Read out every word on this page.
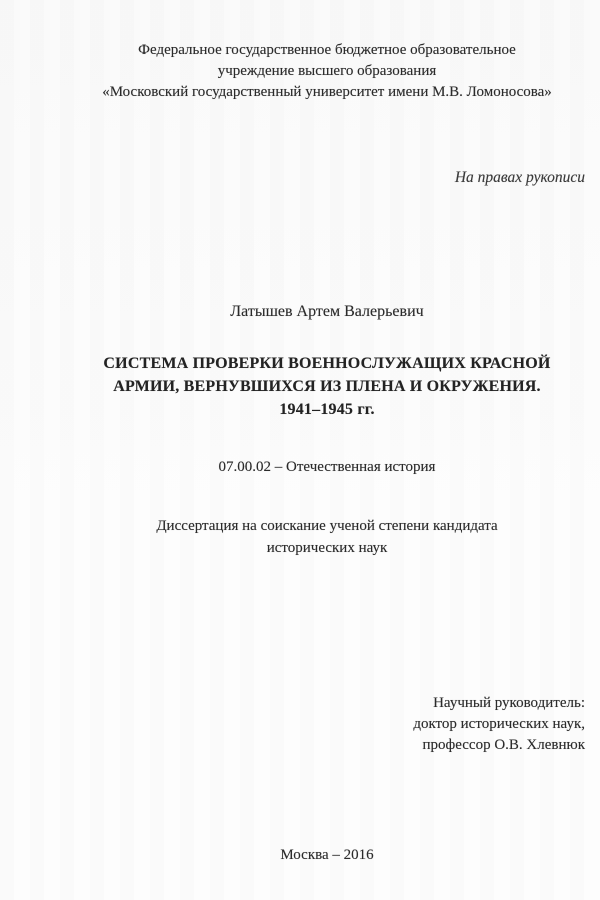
Федеральное государственное бюджетное образовательное
учреждение высшего образования
«Московский государственный университет имени М.В. Ломоносова»
На правах рукописи
Латышев Артем Валерьевич
СИСТЕМА ПРОВЕРКИ ВОЕННОСЛУЖАЩИХ КРАСНОЙ
АРМИИ, ВЕРНУВШИХСЯ ИЗ ПЛЕНА И ОКРУЖЕНИЯ.
1941–1945 гг.
07.00.02 – Отечественная история
Диссертация на соискание ученой степени кандидата
исторических наук
Научный руководитель:
доктор исторических наук,
профессор О.В. Хлевнюк
Москва – 2016
